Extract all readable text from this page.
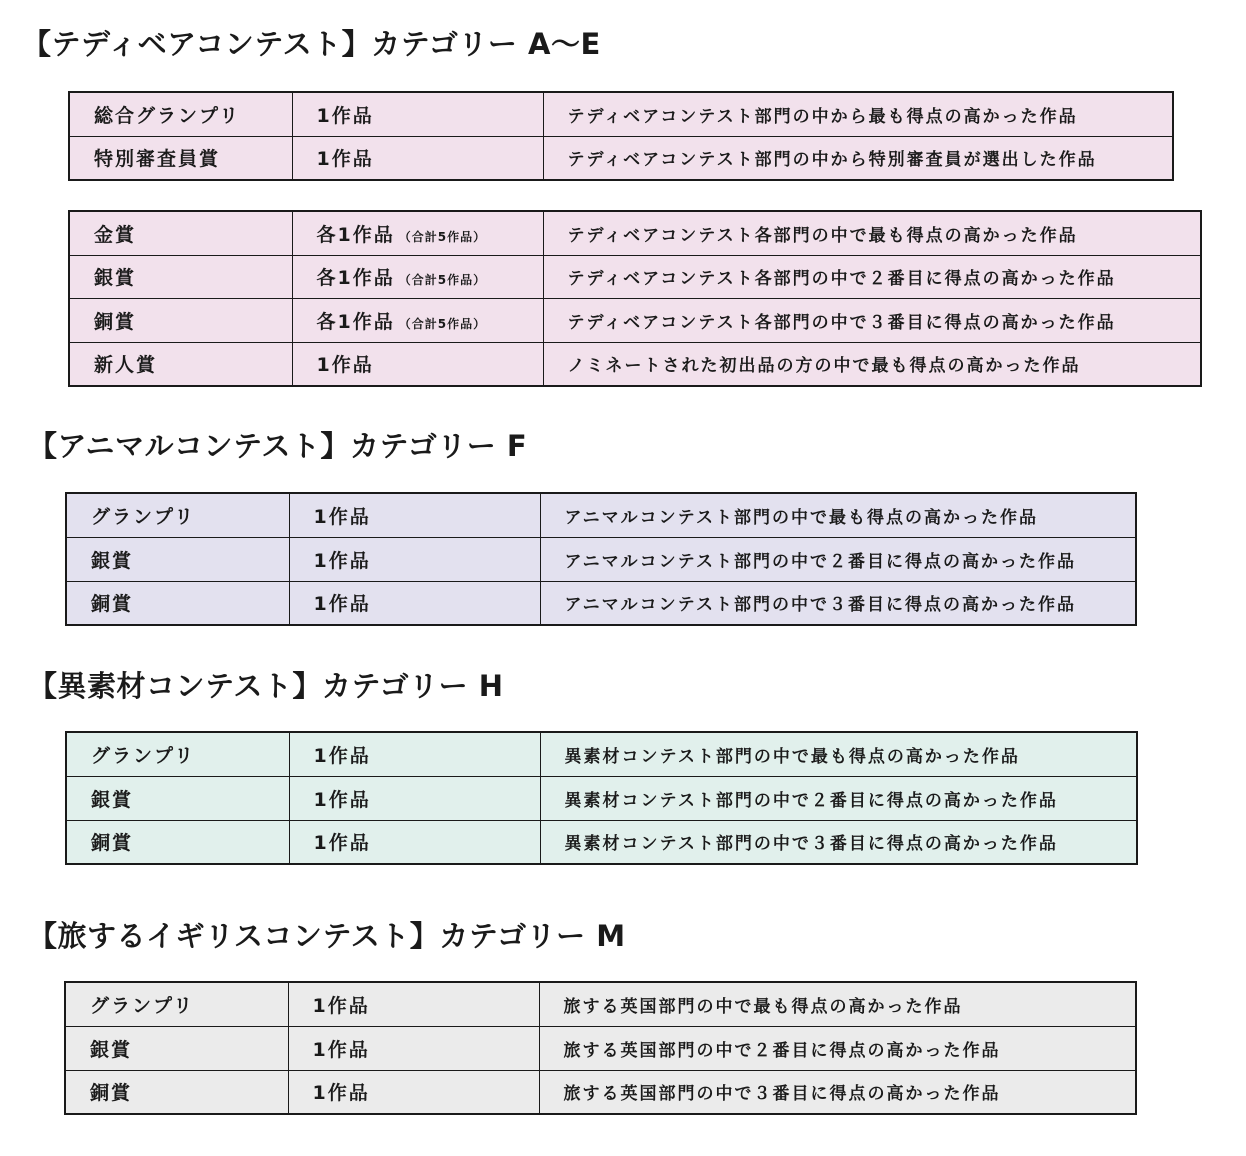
【テディベアコンテスト】カテゴリー A〜E
総合グランプリ	1作品	テディベアコンテスト部門の中から最も得点の高かった作品
特別審査員賞	1作品	テディベアコンテスト部門の中から特別審査員が選出した作品
金賞	各1作品 （合計5作品）	テディベアコンテスト各部門の中で最も得点の高かった作品
銀賞	各1作品 （合計5作品）	テディベアコンテスト各部門の中で２番目に得点の高かった作品
銅賞	各1作品 （合計5作品）	テディベアコンテスト各部門の中で３番目に得点の高かった作品
新人賞	1作品	ノミネートされた初出品の方の中で最も得点の高かった作品
【アニマルコンテスト】カテゴリー F
グランプリ	1作品	アニマルコンテスト部門の中で最も得点の高かった作品
銀賞	1作品	アニマルコンテスト部門の中で２番目に得点の高かった作品
銅賞	1作品	アニマルコンテスト部門の中で３番目に得点の高かった作品
【異素材コンテスト】カテゴリー H
グランプリ	1作品	異素材コンテスト部門の中で最も得点の高かった作品
銀賞	1作品	異素材コンテスト部門の中で２番目に得点の高かった作品
銅賞	1作品	異素材コンテスト部門の中で３番目に得点の高かった作品
【旅するイギリスコンテスト】カテゴリー M
グランプリ	1作品	旅する英国部門の中で最も得点の高かった作品
銀賞	1作品	旅する英国部門の中で２番目に得点の高かった作品
銅賞	1作品	旅する英国部門の中で３番目に得点の高かった作品
